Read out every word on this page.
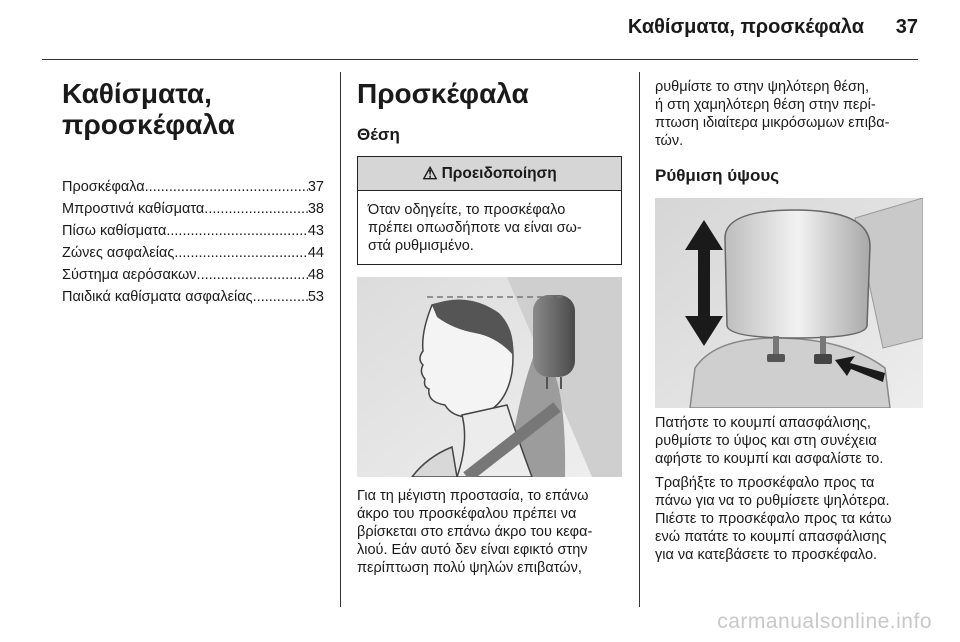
Καθίσματα, προσκέφαλα 37
Καθίσματα,
προσκέφαλα
Προσκέφαλα .....	37
Μπροστινά καθίσματα .....	38
Πίσω καθίσματα .....	43
Ζώνες ασφαλείας .....	44
Σύστημα αερόσακων .....	48
Παιδικά καθίσματα ασφαλείας .....	53
Προσκέφαλα
Θέση
⚠ Προειδοποίηση
Όταν οδηγείτε, το προσκέφαλο
πρέπει οπωσδήποτε να είναι σω-
στά ρυθμισμένο.

Για τη μέγιστη προστασία, το επάνω
άκρο του προσκέφαλου πρέπει να
βρίσκεται στο επάνω άκρο του κεφα-
λιού. Εάν αυτό δεν είναι εφικτό στην
περίπτωση πολύ ψηλών επιβατών,

ρυθμίστε το στην ψηλότερη θέση,
ή στη χαμηλότερη θέση στην περί-
πτωση ιδιαίτερα μικρόσωμων επιβα-
τών.

Ρύθμιση ύψους

Πατήστε το κουμπί απασφάλισης,
ρυθμίστε το ύψος και στη συνέχεια
αφήστε το κουμπί και ασφαλίστε το.

Τραβήξτε το προσκέφαλο προς τα
πάνω για να το ρυθμίσετε ψηλότερα.
Πιέστε το προσκέφαλο προς τα κάτω
ενώ πατάτε το κουμπί απασφάλισης
για να κατεβάσετε το προσκέφαλο.

carmanualsonline.info
